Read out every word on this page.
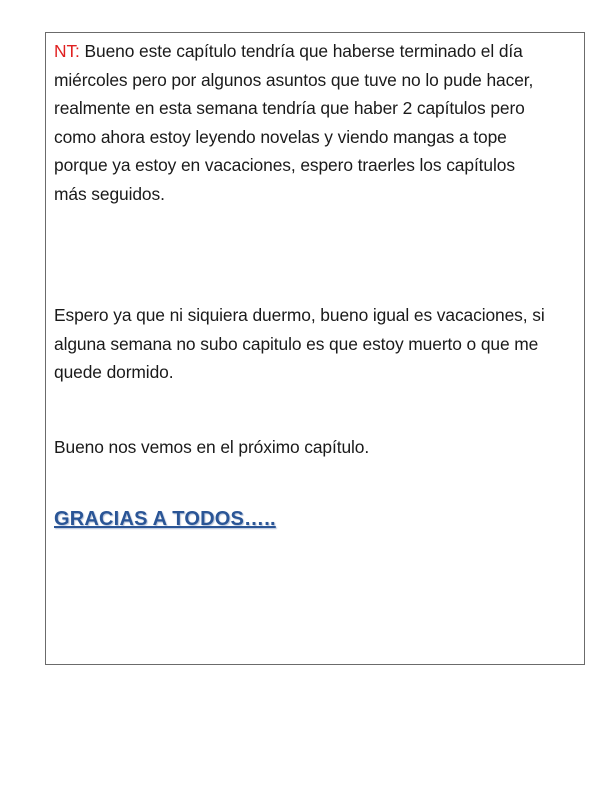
NT: Bueno este capítulo tendría que haberse terminado el día
miércoles pero por algunos asuntos que tuve no lo pude hacer,
realmente en esta semana tendría que haber 2 capítulos pero
como ahora estoy leyendo novelas y viendo mangas a tope
porque ya estoy en vacaciones, espero traerles los capítulos
más seguidos.

Espero ya que ni siquiera duermo, bueno igual es vacaciones, si
alguna semana no subo capitulo es que estoy muerto o que me
quede dormido.

Bueno nos vemos en el próximo capítulo.

GRACIAS A TODOS…..
